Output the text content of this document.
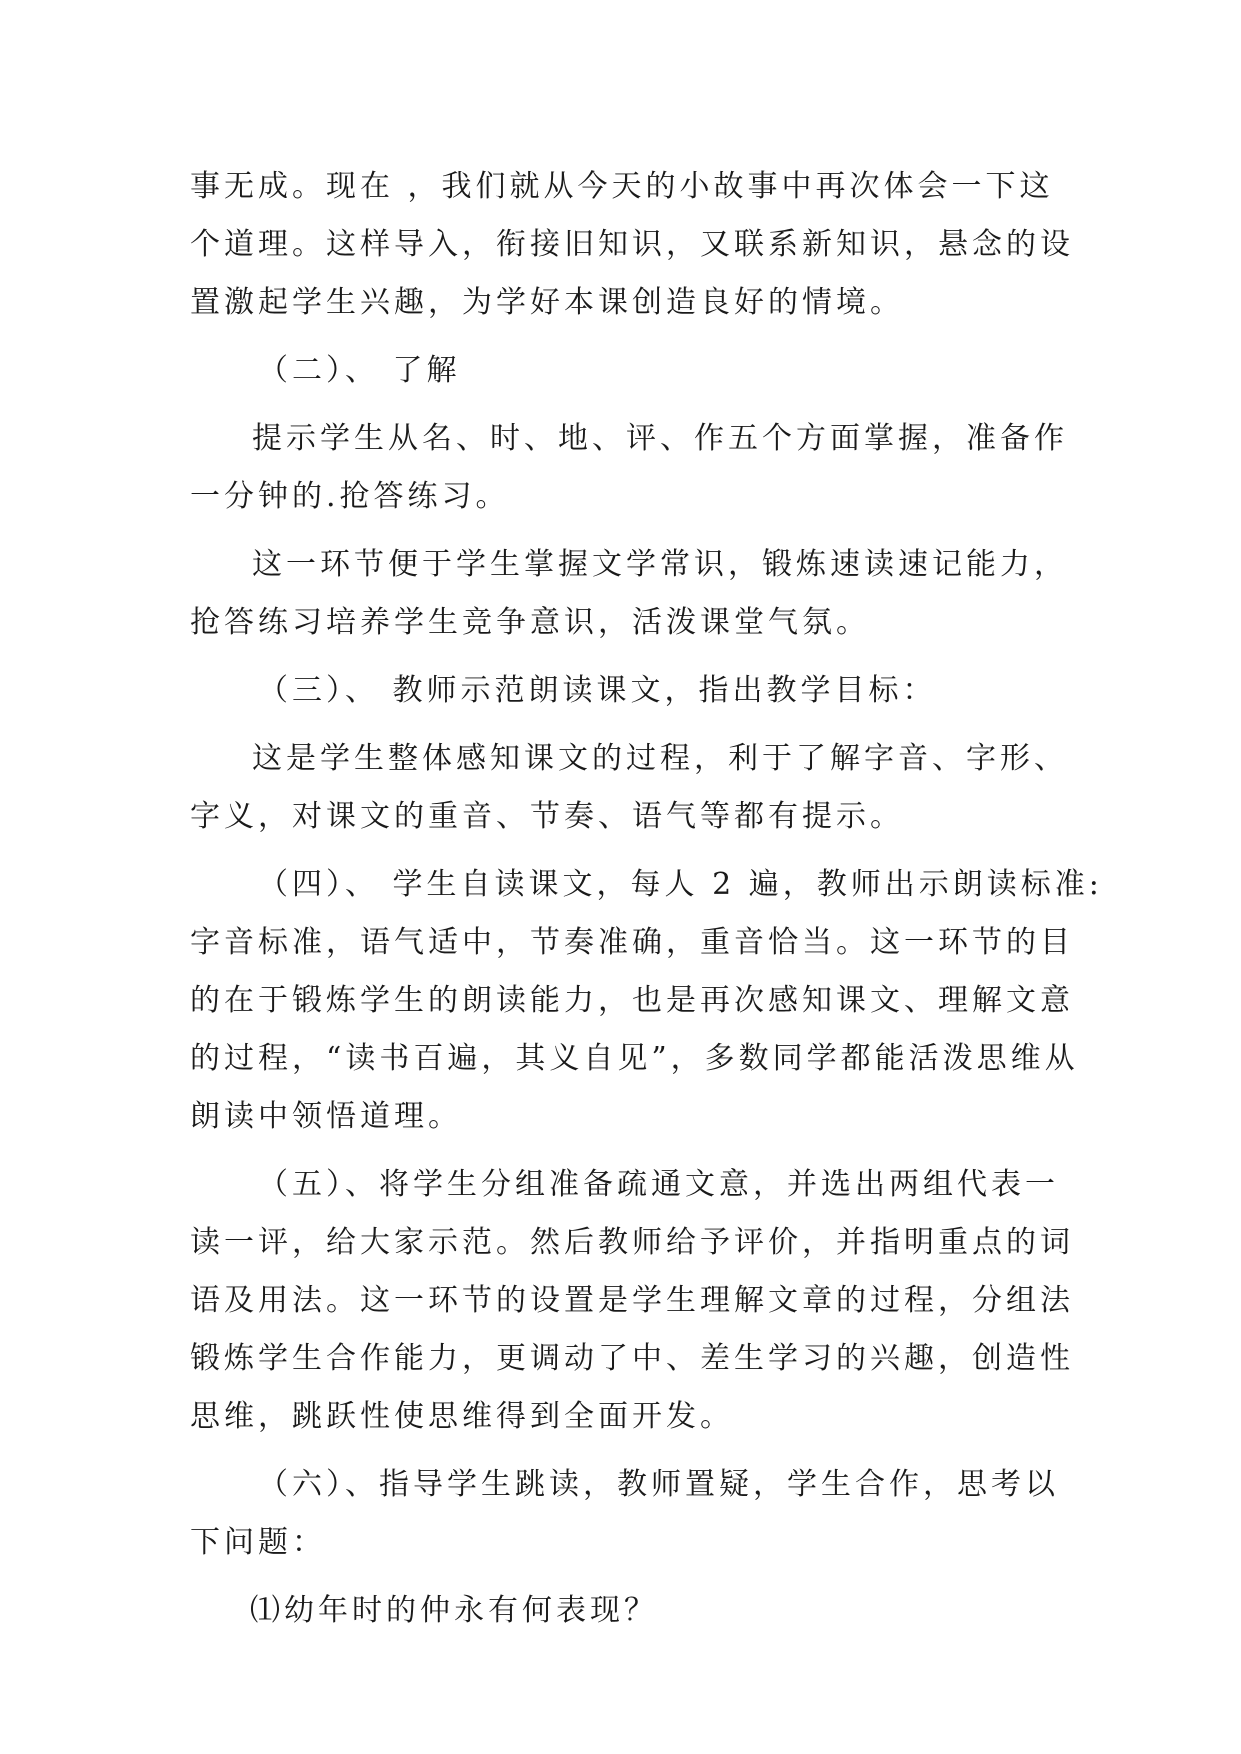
事无成。现在 ，我们就从今天的小故事中再次体会一下这
个道理。这样导入，衔接旧知识，又联系新知识，悬念的设
置激起学生兴趣，为学好本课创造良好的情境。
（二）、 了解
提示学生从名、时、地、评、作五个方面掌握，准备作
一分钟的.抢答练习。
这一环节便于学生掌握文学常识，锻炼速读速记能力，
抢答练习培养学生竞争意识，活泼课堂气氛。
（三）、 教师示范朗读课文，指出教学目标：
这是学生整体感知课文的过程，利于了解字音、字形、
字义，对课文的重音、节奏、语气等都有提示。
（四）、 学生自读课文，每人 2 遍，教师出示朗读标准:
字音标准，语气适中，节奏准确，重音恰当。这一环节的目
的在于锻炼学生的朗读能力，也是再次感知课文、理解文意
的过程，“读书百遍，其义自见”，多数同学都能活泼思维从
朗读中领悟道理。
（五）、将学生分组准备疏通文意，并选出两组代表一
读一评，给大家示范。然后教师给予评价，并指明重点的词
语及用法。这一环节的设置是学生理解文章的过程，分组法
锻炼学生合作能力，更调动了中、差生学习的兴趣，创造性
思维，跳跃性使思维得到全面开发。
（六）、指导学生跳读，教师置疑，学生合作，思考以
下问题：
⑴幼年时的仲永有何表现？
